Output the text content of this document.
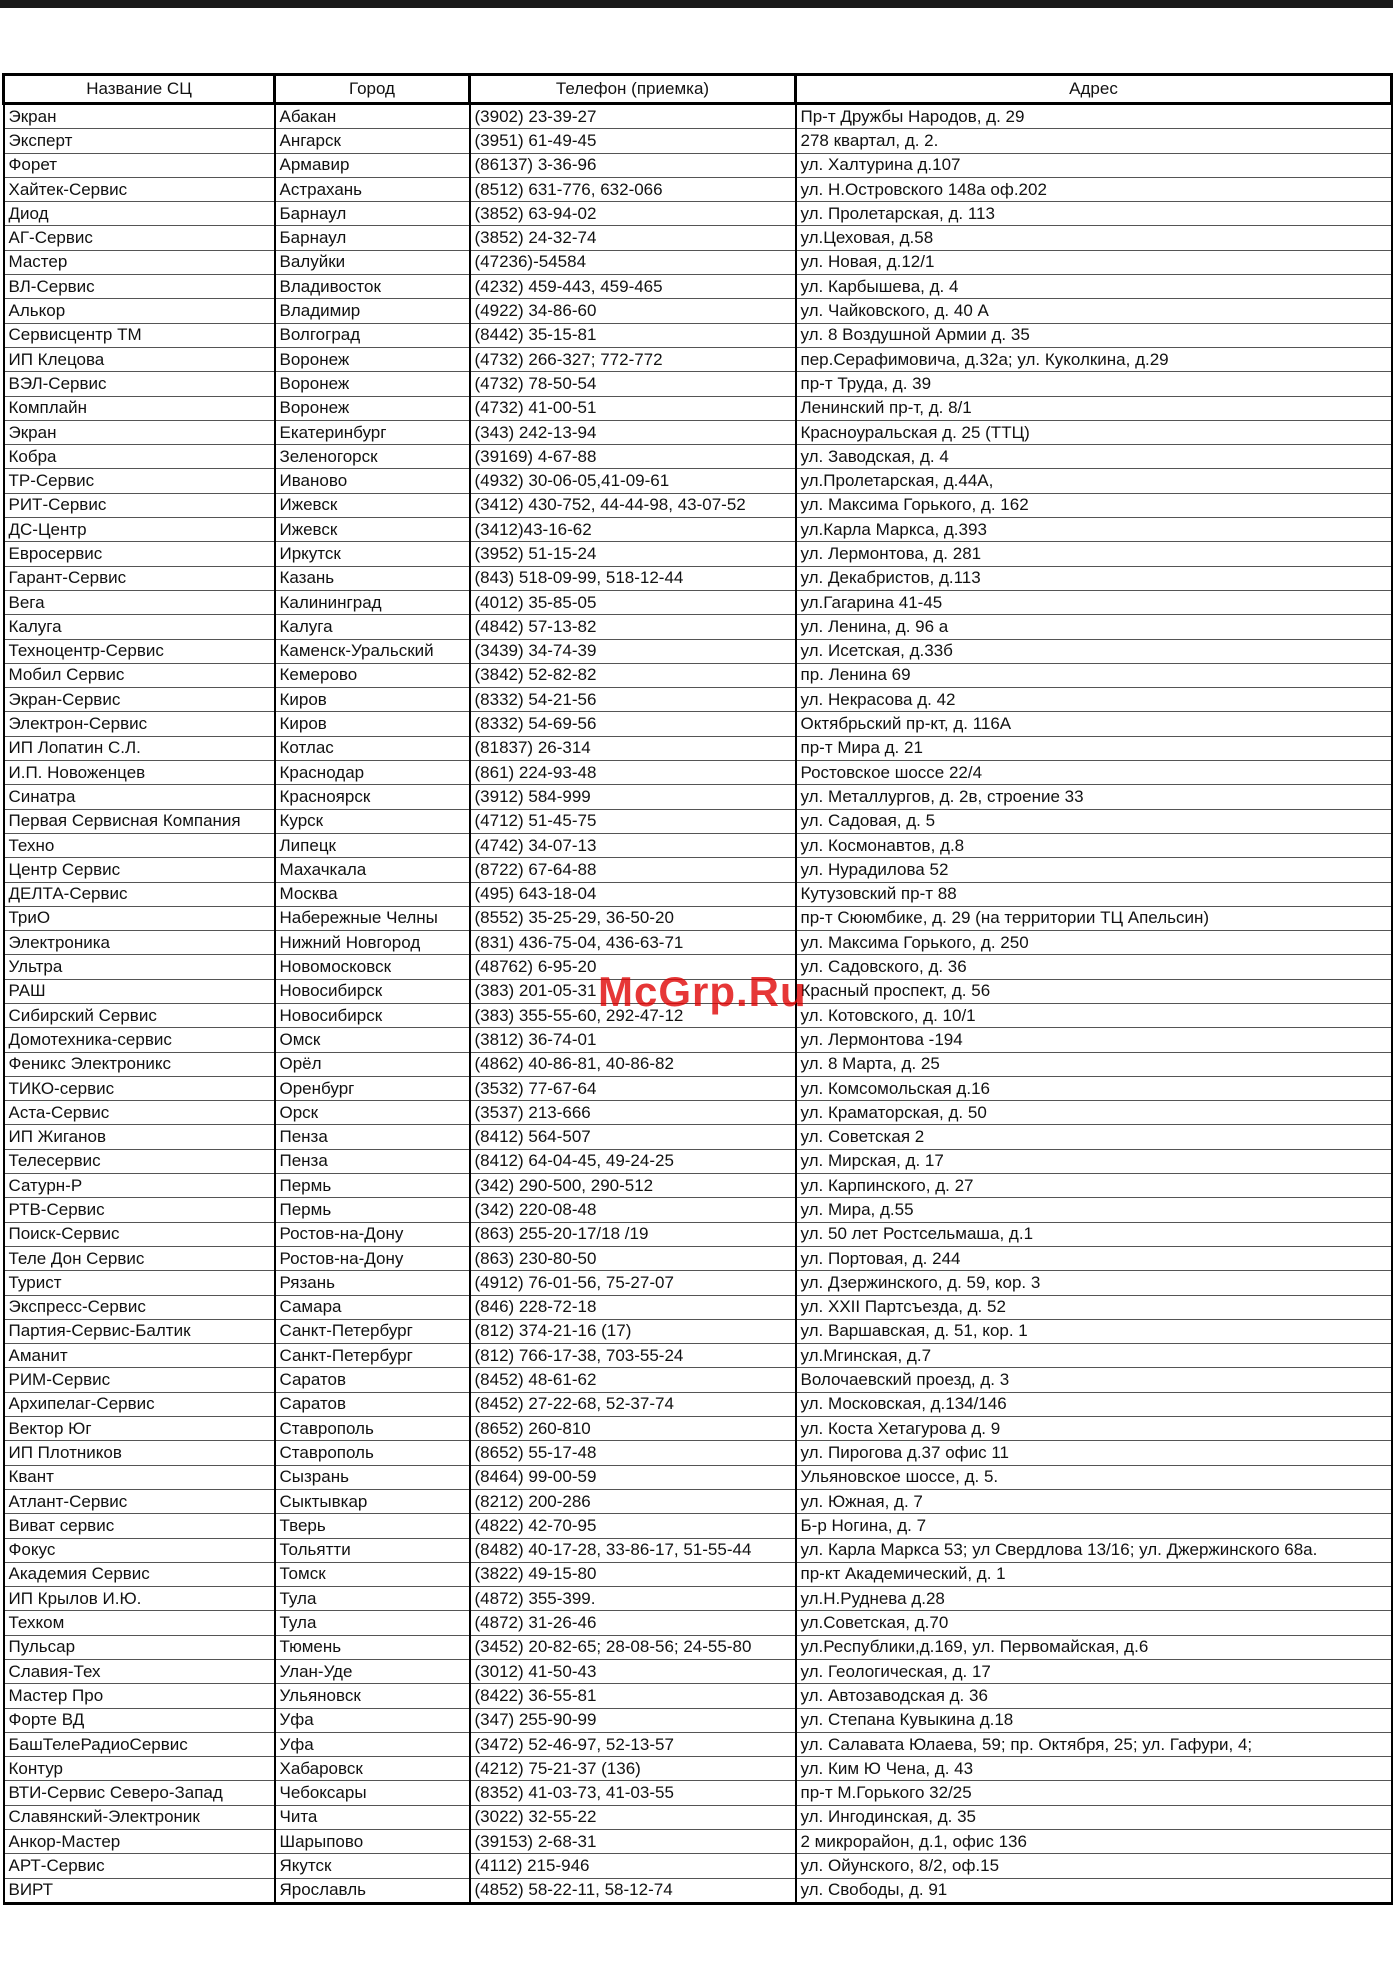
Название СЦ	Город	Телефон (приемка)	Адрес
Экран	Абакан	(3902) 23-39-27	Пр-т Дружбы Народов, д. 29
Эксперт	Ангарск	(3951) 61-49-45	278 квартал, д. 2.
Форет	Армавир	(86137) 3-36-96	ул. Халтурина д.107
Хайтек-Сервис	Астрахань	(8512) 631-776, 632-066	ул. Н.Островского 148а оф.202
Диод	Барнаул	(3852) 63-94-02	ул. Пролетарская, д. 113
АГ-Сервис	Барнаул	(3852) 24-32-74	ул.Цеховая, д.58
Мастер	Валуйки	(47236)-54584	ул. Новая, д.12/1
ВЛ-Сервис	Владивосток	(4232) 459-443, 459-465	ул. Карбышева, д. 4
Алькор	Владимир	(4922) 34-86-60	ул. Чайковского, д. 40 А
Сервисцентр ТМ	Волгоград	(8442) 35-15-81	ул. 8 Воздушной Армии д. 35
ИП Клецова	Воронеж	(4732) 266-327; 772-772	пер.Серафимовича, д.32а; ул. Куколкина, д.29
ВЭЛ-Сервис	Воронеж	(4732) 78-50-54	пр-т Труда, д. 39
Комплайн	Воронеж	(4732) 41-00-51	Ленинский пр-т, д. 8/1
Экран	Екатеринбург	(343) 242-13-94	Красноуральская д. 25 (ТТЦ)
Кобра	Зеленогорск	(39169) 4-67-88	ул. Заводская, д. 4
ТР-Сервис	Иваново	(4932) 30-06-05,41-09-61	ул.Пролетарская, д.44А,
РИТ-Сервис	Ижевск	(3412) 430-752, 44-44-98, 43-07-52	ул. Максима Горького, д. 162
ДС-Центр	Ижевск	(3412)43-16-62	ул.Карла Маркса, д.393
Евросервис	Иркутск	(3952) 51-15-24	ул. Лермонтова, д. 281
Гарант-Сервис	Казань	(843) 518-09-99, 518-12-44	ул. Декабристов, д.113
Вега	Калининград	(4012) 35-85-05	ул.Гагарина 41-45
Калуга	Калуга	(4842) 57-13-82	ул. Ленина, д. 96 а
Техноцентр-Сервис	Каменск-Уральский	(3439) 34-74-39	ул. Исетская, д.33б
Мобил Сервис	Кемерово	(3842) 52-82-82	пр. Ленина 69
Экран-Сервис	Киров	(8332) 54-21-56	ул. Некрасова д. 42
Электрон-Сервис	Киров	(8332) 54-69-56	Октябрьский пр-кт, д. 116А
ИП Лопатин С.Л.	Котлас	(81837) 26-314	пр-т Мира д. 21
И.П. Новоженцев	Краснодар	(861) 224-93-48	Ростовское шоссе 22/4
Синатра	Красноярск	(3912) 584-999	ул. Металлургов, д. 2в, строение 33
Первая Сервисная Компания	Курск	(4712) 51-45-75	ул. Садовая, д. 5
Техно	Липецк	(4742) 34-07-13	ул. Космонавтов, д.8
Центр Сервис	Махачкала	(8722) 67-64-88	ул. Нурадилова 52
ДЕЛТА-Сервис	Москва	(495) 643-18-04	Кутузовский пр-т 88
ТриО	Набережные Челны	(8552) 35-25-29, 36-50-20	пр-т Сююмбике, д. 29 (на территории ТЦ Апельсин)
Электроника	Нижний Новгород	(831) 436-75-04, 436-63-71	ул. Максима Горького, д. 250
Ультра	Новомосковск	(48762) 6-95-20	ул. Садовского, д. 36
РАШ	Новосибирск	(383) 201-05-31	Красный проспект, д. 56
Сибирский Сервис	Новосибирск	(383) 355-55-60, 292-47-12	ул. Котовского, д. 10/1
Домотехника-сервис	Омск	(3812) 36-74-01	ул. Лермонтова -194
Феникс Электроникс	Орёл	(4862) 40-86-81, 40-86-82	ул. 8 Марта, д. 25
ТИКО-сервис	Оренбург	(3532) 77-67-64	ул. Комсомольская д.16
Аста-Сервис	Орск	(3537) 213-666	ул. Краматорская, д. 50
ИП Жиганов	Пенза	(8412) 564-507	ул. Советская 2
Телесервис	Пенза	(8412) 64-04-45, 49-24-25	ул. Мирская, д. 17
Сатурн-Р	Пермь	(342) 290-500, 290-512	ул. Карпинского, д. 27
РТВ-Сервис	Пермь	(342) 220-08-48	ул. Мира, д.55
Поиск-Сервис	Ростов-на-Дону	(863) 255-20-17/18 /19	ул. 50 лет Ростсельмаша, д.1
Теле Дон Сервис	Ростов-на-Дону	(863) 230-80-50	ул. Портовая, д. 244
Турист	Рязань	(4912) 76-01-56, 75-27-07	ул. Дзержинского, д. 59, кор. 3
Экспресс-Сервис	Самара	(846) 228-72-18	ул. XXII Партсъезда, д. 52
Партия-Сервис-Балтик	Санкт-Петербург	(812) 374-21-16 (17)	ул. Варшавская, д. 51, кор. 1
Аманит	Санкт-Петербург	(812) 766-17-38, 703-55-24	ул.Мгинская, д.7
РИМ-Сервис	Саратов	(8452) 48-61-62	Волочаевский проезд, д. 3
Архипелаг-Сервис	Саратов	(8452) 27-22-68, 52-37-74	ул. Московская, д.134/146
Вектор Юг	Ставрополь	(8652) 260-810	ул. Коста Хетагурова д. 9
ИП Плотников	Ставрополь	(8652) 55-17-48	ул. Пирогова д.37 офис 11
Квант	Сызрань	(8464) 99-00-59	Ульяновское шоссе, д. 5.
Атлант-Сервис	Сыктывкар	(8212) 200-286	ул. Южная, д. 7
Виват сервис	Тверь	(4822) 42-70-95	Б-р Ногина, д. 7
Фокус	Тольятти	(8482) 40-17-28, 33-86-17, 51-55-44	ул. Карла Маркса 53; ул Свердлова 13/16; ул. Джержинского 68а.
Академия Сервис	Томск	(3822) 49-15-80	пр-кт Академический, д. 1
ИП Крылов И.Ю.	Тула	(4872) 355-399.	ул.Н.Руднева д.28
Техком	Тула	(4872) 31-26-46	ул.Советская, д.70
Пульсар	Тюмень	(3452) 20-82-65; 28-08-56; 24-55-80	ул.Республики,д.169, ул. Первомайская, д.6
Славия-Тех	Улан-Уде	(3012) 41-50-43	ул. Геологическая, д. 17
Мастер Про	Ульяновск	(8422) 36-55-81	ул. Автозаводская д. 36
Форте ВД	Уфа	(347) 255-90-99	ул. Степана Кувыкина д.18
БашТелеРадиоСервис	Уфа	(3472) 52-46-97, 52-13-57	ул. Салавата Юлаева, 59; пр. Октября, 25; ул. Гафури, 4;
Контур	Хабаровск	(4212) 75-21-37 (136)	ул. Ким Ю Чена, д. 43
ВТИ-Сервис Северо-Запад	Чебоксары	(8352) 41-03-73, 41-03-55	пр-т М.Горького 32/25
Славянский-Электроник	Чита	(3022) 32-55-22	ул. Ингодинская, д. 35
Анкор-Мастер	Шарыпово	(39153) 2-68-31	2 микрорайон, д.1, офис 136
АРТ-Сервис	Якутск	(4112) 215-946	ул. Ойунского, 8/2, оф.15
ВИРТ	Ярославль	(4852) 58-22-11, 58-12-74	ул. Свободы, д. 91
McGrp.Ru
